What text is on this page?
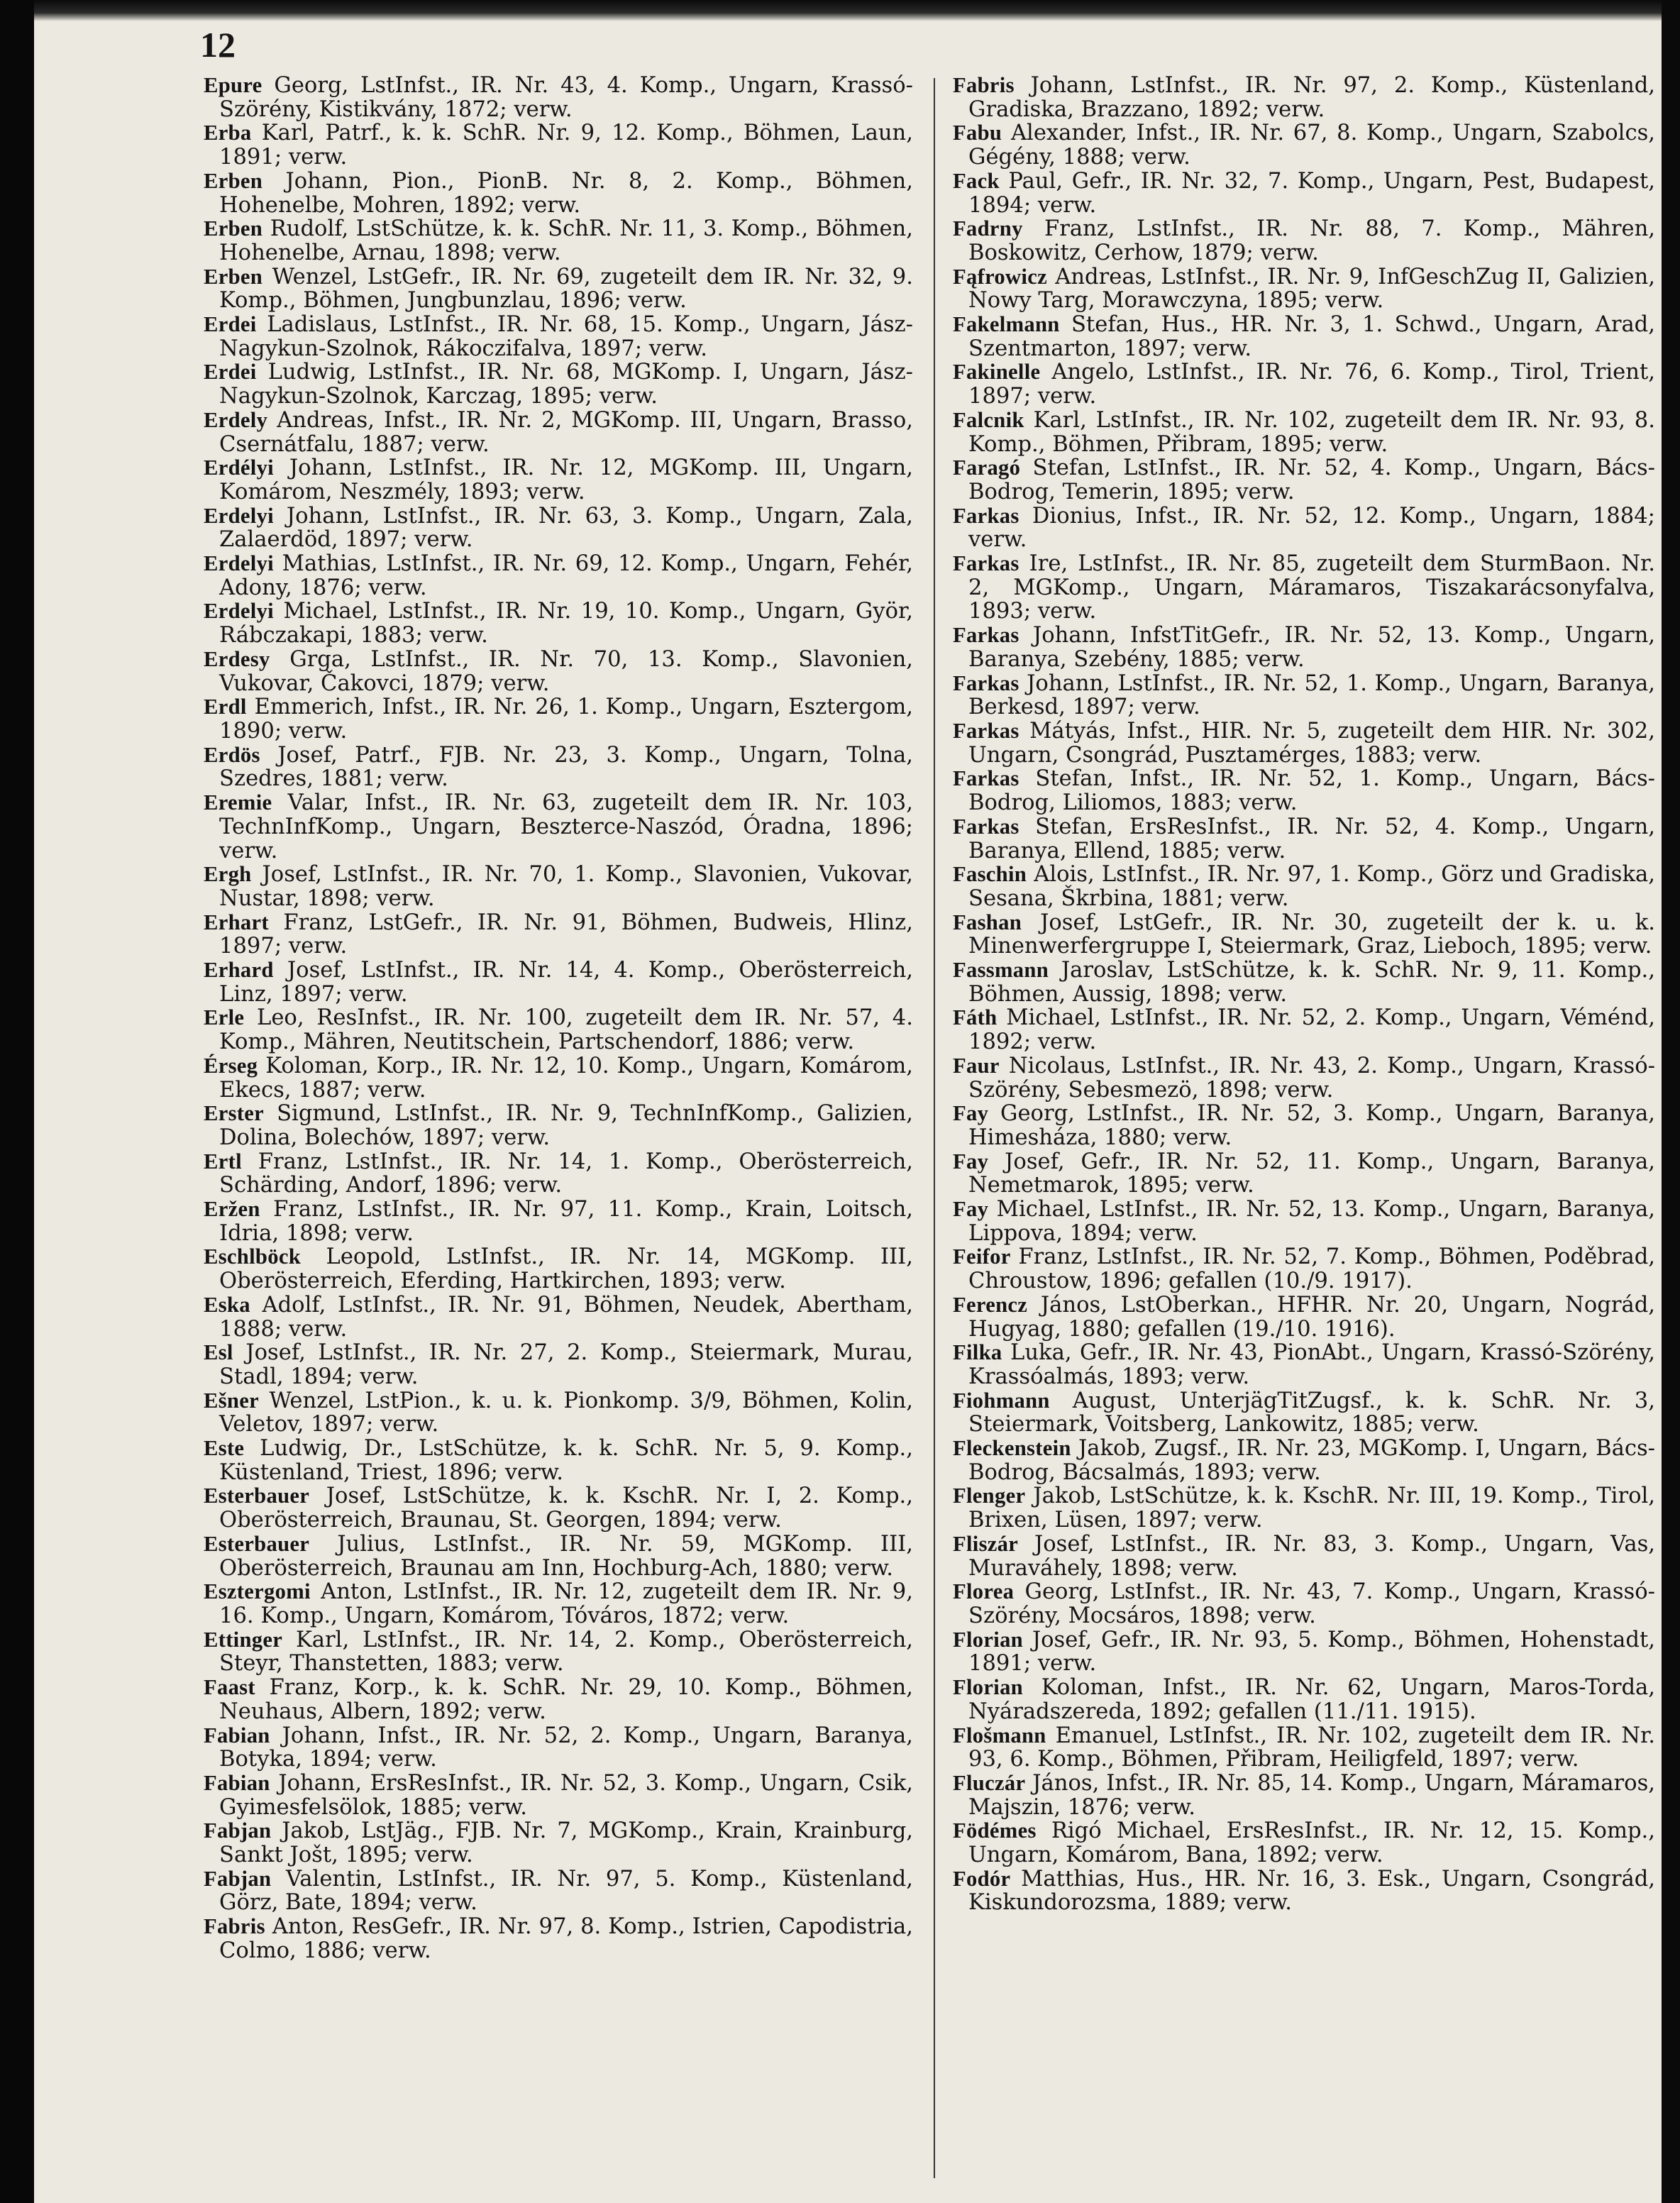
12
Epure Georg, LstInfst., IR. Nr. 43, 4. Komp., Ungarn, Krassó-Szörény, Kistikvány, 1872; verw.
Erba Karl, Patrf., k. k. SchR. Nr. 9, 12. Komp., Böhmen, Laun, 1891; verw.
Erben Johann, Pion., PionB. Nr. 8, 2. Komp., Böhmen, Hohenelbe, Mohren, 1892; verw.
Erben Rudolf, LstSchütze, k. k. SchR. Nr. 11, 3. Komp., Böhmen, Hohenelbe, Arnau, 1898; verw.
Erben Wenzel, LstGefr., IR. Nr. 69, zugeteilt dem IR. Nr. 32, 9. Komp., Böhmen, Jungbunzlau, 1896; verw.
Erdei Ladislaus, LstInfst., IR. Nr. 68, 15. Komp., Ungarn, Jász-Nagykun-Szolnok, Rákoczifalva, 1897; verw.
Erdei Ludwig, LstInfst., IR. Nr. 68, MGKomp. I, Ungarn, Jász-Nagykun-Szolnok, Karczag, 1895; verw.
Erdely Andreas, Infst., IR. Nr. 2, MGKomp. III, Ungarn, Brasso, Csernátfalu, 1887; verw.
Erdélyi Johann, LstInfst., IR. Nr. 12, MGKomp. III, Ungarn, Komárom, Neszmély, 1893; verw.
Erdelyi Johann, LstInfst., IR. Nr. 63, 3. Komp., Ungarn, Zala, Zalaerdöd, 1897; verw.
Erdelyi Mathias, LstInfst., IR. Nr. 69, 12. Komp., Ungarn, Fehér, Adony, 1876; verw.
Erdelyi Michael, LstInfst., IR. Nr. 19, 10. Komp., Ungarn, Györ, Rábczakapi, 1883; verw.
Erdesy Grga, LstInfst., IR. Nr. 70, 13. Komp., Slavonien, Vukovar, Čakovci, 1879; verw.
Erdl Emmerich, Infst., IR. Nr. 26, 1. Komp., Ungarn, Esztergom, 1890; verw.
Erdös Josef, Patrf., FJB. Nr. 23, 3. Komp., Ungarn, Tolna, Szedres, 1881; verw.
Eremie Valar, Infst., IR. Nr. 63, zugeteilt dem IR. Nr. 103, TechnInfKomp., Ungarn, Beszterce-Naszód, Óradna, 1896; verw.
Ergh Josef, LstInfst., IR. Nr. 70, 1. Komp., Slavonien, Vukovar, Nustar, 1898; verw.
Erhart Franz, LstGefr., IR. Nr. 91, Böhmen, Budweis, Hlinz, 1897; verw.
Erhard Josef, LstInfst., IR. Nr. 14, 4. Komp., Oberösterreich, Linz, 1897; verw.
Erle Leo, ResInfst., IR. Nr. 100, zugeteilt dem IR. Nr. 57, 4. Komp., Mähren, Neutitschein, Partschendorf, 1886; verw.
Érseg Koloman, Korp., IR. Nr. 12, 10. Komp., Ungarn, Komárom, Ekecs, 1887; verw.
Erster Sigmund, LstInfst., IR. Nr. 9, TechnInfKomp., Galizien, Dolina, Bolechów, 1897; verw.
Ertl Franz, LstInfst., IR. Nr. 14, 1. Komp., Oberösterreich, Schärding, Andorf, 1896; verw.
Eržen Franz, LstInfst., IR. Nr. 97, 11. Komp., Krain, Loitsch, Idria, 1898; verw.
Eschlböck Leopold, LstInfst., IR. Nr. 14, MGKomp. III, Oberösterreich, Eferding, Hartkirchen, 1893; verw.
Eska Adolf, LstInfst., IR. Nr. 91, Böhmen, Neudek, Abertham, 1888; verw.
Esl Josef, LstInfst., IR. Nr. 27, 2. Komp., Steiermark, Murau, Stadl, 1894; verw.
Ešner Wenzel, LstPion., k. u. k. Pionkomp. 3/9, Böhmen, Kolin, Veletov, 1897; verw.
Este Ludwig, Dr., LstSchütze, k. k. SchR. Nr. 5, 9. Komp., Küstenland, Triest, 1896; verw.
Esterbauer Josef, LstSchütze, k. k. KschR. Nr. I, 2. Komp., Oberösterreich, Braunau, St. Georgen, 1894; verw.
Esterbauer Julius, LstInfst., IR. Nr. 59, MGKomp. III, Oberösterreich, Braunau am Inn, Hochburg-Ach, 1880; verw.
Esztergomi Anton, LstInfst., IR. Nr. 12, zugeteilt dem IR. Nr. 9, 16. Komp., Ungarn, Komárom, Tóváros, 1872; verw.
Ettinger Karl, LstInfst., IR. Nr. 14, 2. Komp., Oberösterreich, Steyr, Thanstetten, 1883; verw.
Faast Franz, Korp., k. k. SchR. Nr. 29, 10. Komp., Böhmen, Neuhaus, Albern, 1892; verw.
Fabian Johann, Infst., IR. Nr. 52, 2. Komp., Ungarn, Baranya, Botyka, 1894; verw.
Fabian Johann, ErsResInfst., IR. Nr. 52, 3. Komp., Ungarn, Csik, Gyimesfelsölok, 1885; verw.
Fabjan Jakob, LstJäg., FJB. Nr. 7, MGKomp., Krain, Krainburg, Sankt Jošt, 1895; verw.
Fabjan Valentin, LstInfst., IR. Nr. 97, 5. Komp., Küstenland, Görz, Bate, 1894; verw.
Fabris Anton, ResGefr., IR. Nr. 97, 8. Komp., Istrien, Capodistria, Colmo, 1886; verw.
Fabris Johann, LstInfst., IR. Nr. 97, 2. Komp., Küstenland, Gradiska, Brazzano, 1892; verw.
Fabu Alexander, Infst., IR. Nr. 67, 8. Komp., Ungarn, Szabolcs, Gégény, 1888; verw.
Fack Paul, Gefr., IR. Nr. 32, 7. Komp., Ungarn, Pest, Budapest, 1894; verw.
Fadrny Franz, LstInfst., IR. Nr. 88, 7. Komp., Mähren, Boskowitz, Cerhow, 1879; verw.
Fąfrowicz Andreas, LstInfst., IR. Nr. 9, InfGeschZug II, Galizien, Nowy Targ, Morawczyna, 1895; verw.
Fakelmann Stefan, Hus., HR. Nr. 3, 1. Schwd., Ungarn, Arad, Szentmarton, 1897; verw.
Fakinelle Angelo, LstInfst., IR. Nr. 76, 6. Komp., Tirol, Trient, 1897; verw.
Falcnik Karl, LstInfst., IR. Nr. 102, zugeteilt dem IR. Nr. 93, 8. Komp., Böhmen, Přibram, 1895; verw.
Faragó Stefan, LstInfst., IR. Nr. 52, 4. Komp., Ungarn, Bács-Bodrog, Temerin, 1895; verw.
Farkas Dionius, Infst., IR. Nr. 52, 12. Komp., Ungarn, 1884; verw.
Farkas Ire, LstInfst., IR. Nr. 85, zugeteilt dem SturmBaon. Nr. 2, MGKomp., Ungarn, Máramaros, Tiszakarácsonyfalva, 1893; verw.
Farkas Johann, InfstTitGefr., IR. Nr. 52, 13. Komp., Ungarn, Baranya, Szebény, 1885; verw.
Farkas Johann, LstInfst., IR. Nr. 52, 1. Komp., Ungarn, Baranya, Berkesd, 1897; verw.
Farkas Mátyás, Infst., HIR. Nr. 5, zugeteilt dem HIR. Nr. 302, Ungarn, Csongrád, Pusztamérges, 1883; verw.
Farkas Stefan, Infst., IR. Nr. 52, 1. Komp., Ungarn, Bács-Bodrog, Liliomos, 1883; verw.
Farkas Stefan, ErsResInfst., IR. Nr. 52, 4. Komp., Ungarn, Baranya, Ellend, 1885; verw.
Faschin Alois, LstInfst., IR. Nr. 97, 1. Komp., Görz und Gradiska, Sesana, Škrbina, 1881; verw.
Fashan Josef, LstGefr., IR. Nr. 30, zugeteilt der k. u. k. Minenwerfergruppe I, Steiermark, Graz, Lieboch, 1895; verw.
Fassmann Jaroslav, LstSchütze, k. k. SchR. Nr. 9, 11. Komp., Böhmen, Aussig, 1898; verw.
Fáth Michael, LstInfst., IR. Nr. 52, 2. Komp., Ungarn, Véménd, 1892; verw.
Faur Nicolaus, LstInfst., IR. Nr. 43, 2. Komp., Ungarn, Krassó-Szörény, Sebesmezö, 1898; verw.
Fay Georg, LstInfst., IR. Nr. 52, 3. Komp., Ungarn, Baranya, Himesháza, 1880; verw.
Fay Josef, Gefr., IR. Nr. 52, 11. Komp., Ungarn, Baranya, Nemetmarok, 1895; verw.
Fay Michael, LstInfst., IR. Nr. 52, 13. Komp., Ungarn, Baranya, Lippova, 1894; verw.
Feifor Franz, LstInfst., IR. Nr. 52, 7. Komp., Böhmen, Poděbrad, Chroustow, 1896; gefallen (10./9. 1917).
Ferencz János, LstOberkan., HFHR. Nr. 20, Ungarn, Nográd, Hugyag, 1880; gefallen (19./10. 1916).
Filka Luka, Gefr., IR. Nr. 43, PionAbt., Ungarn, Krassó-Szörény, Krassóalmás, 1893; verw.
Fiohmann August, UnterjägTitZugsf., k. k. SchR. Nr. 3, Steiermark, Voitsberg, Lankowitz, 1885; verw.
Fleckenstein Jakob, Zugsf., IR. Nr. 23, MGKomp. I, Ungarn, Bács-Bodrog, Bácsalmás, 1893; verw.
Flenger Jakob, LstSchütze, k. k. KschR. Nr. III, 19. Komp., Tirol, Brixen, Lüsen, 1897; verw.
Fliszár Josef, LstInfst., IR. Nr. 83, 3. Komp., Ungarn, Vas, Muraváhely, 1898; verw.
Florea Georg, LstInfst., IR. Nr. 43, 7. Komp., Ungarn, Krassó-Szörény, Mocsáros, 1898; verw.
Florian Josef, Gefr., IR. Nr. 93, 5. Komp., Böhmen, Hohenstadt, 1891; verw.
Florian Koloman, Infst., IR. Nr. 62, Ungarn, Maros-Torda, Nyáradszereda, 1892; gefallen (11./11. 1915).
Flošmann Emanuel, LstInfst., IR. Nr. 102, zugeteilt dem IR. Nr. 93, 6. Komp., Böhmen, Přibram, Heiligfeld, 1897; verw.
Fluczár János, Infst., IR. Nr. 85, 14. Komp., Ungarn, Máramaros, Majszin, 1876; verw.
Födémes Rigó Michael, ErsResInfst., IR. Nr. 12, 15. Komp., Ungarn, Komárom, Bana, 1892; verw.
Fodór Matthias, Hus., HR. Nr. 16, 3. Esk., Ungarn, Csongrád, Kiskundorozsma, 1889; verw.
